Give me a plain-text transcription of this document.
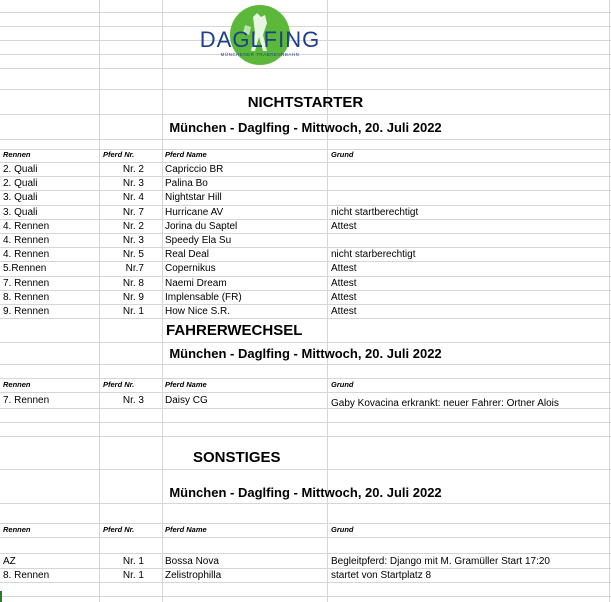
DAGLFING
MÜNCHENER TRABRENNBAHN
NICHTSTARTER
München - Daglfing - Mittwoch, 20. Juli 2022
Rennen	Pferd Nr.	Pferd Name	Grund
2. Quali	Nr. 2 Capriccio BR
2. Quali	Nr. 3 Palina Bo
3. Quali	Nr. 4 Nightstar Hill
3. Quali	Nr. 7 Hurricane AV	nicht startberechtigt
4. Rennen	Nr. 2 Jorina du Saptel	Attest
4. Rennen	Nr. 3 Speedy Ela Su
4. Rennen	Nr. 5 Real Deal	nicht starberechtigt
5.Rennen	Nr.7 Copernikus	Attest
7. Rennen	Nr. 8 Naemi Dream	Attest
8. Rennen	Nr. 9 Implensable (FR)	Attest
9. Rennen	Nr. 1 How Nice S.R.	Attest
FAHRERWECHSEL
München - Daglfing - Mittwoch, 20. Juli 2022
Rennen	Pferd Nr.	Pferd Name	Grund
7. Rennen	Nr. 3 Daisy CG	Gaby Kovacina erkrankt: neuer Fahrer: Ortner Alois
SONSTIGES
München - Daglfing - Mittwoch, 20. Juli 2022
Rennen	Pferd Nr.	Pferd Name	Grund
AZ	Nr. 1 Bossa Nova	Begleitpferd: Django mit M. Gramüller Start 17:20
8. Rennen	Nr. 1 Zelistrophilla	startet von Startplatz 8
